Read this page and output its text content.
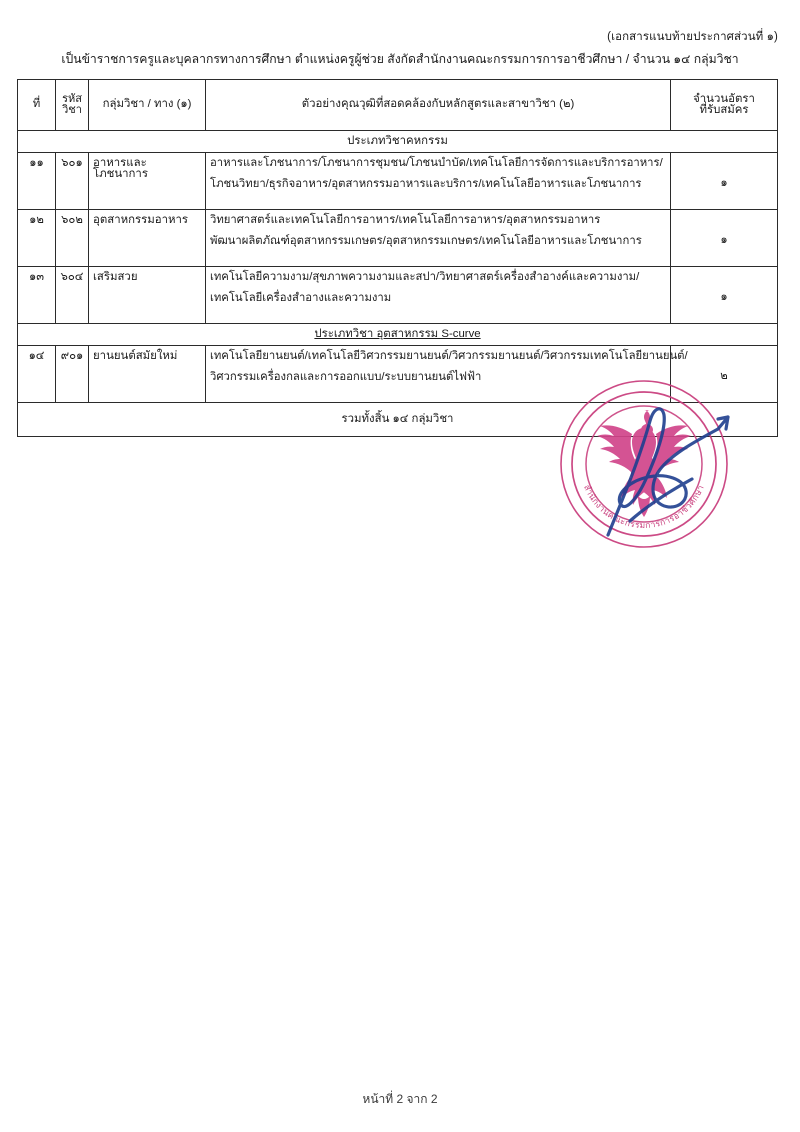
(เอกสารแนบท้ายประกาศส่วนที่ ๑)
เป็นข้าราชการครูและบุคลากรทางการศึกษา ตำแหน่งครูผู้ช่วย สังกัดสำนักงานคณะกรรมการการอาชีวศึกษา / จำนวน ๑๔ กลุ่มวิชา
ที่	รหัสวิชา	กลุ่มวิชา / ทาง (๑)	ตัวอย่างคุณวุฒิที่สอดคล้องกับหลักสูตรและสาขาวิชา (๒)	จำนวนอัตรา
ที่รับสมัคร

ประเภทวิชาคหกรรม				
๑๑	๖๐๑	อาหารและโภชนาการ	อาหารและโภชนาการ/โภชนาการชุมชน/โภชนบำบัด/เทคโนโลยีการจัดการและบริการอาหาร/
โภชนวิทยา/ธุรกิจอาหาร/อุตสาหกรรมอาหารและบริการ/เทคโนโลยีอาหารและโภชนาการ	๑
๑๒	๖๐๒	อุตสาหกรรมอาหาร	วิทยาศาสตร์และเทคโนโลยีการอาหาร/เทคโนโลยีการอาหาร/อุตสาหกรรมอาหาร
พัฒนาผลิตภัณฑ์อุตสาหกรรมเกษตร/อุตสาหกรรมเกษตร/เทคโนโลยีอาหารและโภชนาการ	๑
๑๓	๖๐๔	เสริมสวย	เทคโนโลยีความงาม/สุขภาพความงามและสปา/วิทยาศาสตร์เครื่องสำอางค์และความงาม/
เทคโนโลยีเครื่องสำอางและความงาม	๑
ประเภทวิชา อุตสาหกรรม S-curve				
๑๔	๙๐๑	ยานยนต์สมัยใหม่	เทคโนโลยียานยนต์/เทคโนโลยีวิศวกรรมยานยนต์/วิศวกรรมยานยนต์/วิศวกรรมเทคโนโลยียานยนต์/
วิศวกรรมเครื่องกลและการออกแบบ/ระบบยานยนต์ไฟฟ้า	๒
รวมทั้งสิ้น ๑๔ กลุ่มวิชา				
สำนักงานคณะกรรมการการอาชีวศึกษา
หน้าที่ 2 จาก 2
